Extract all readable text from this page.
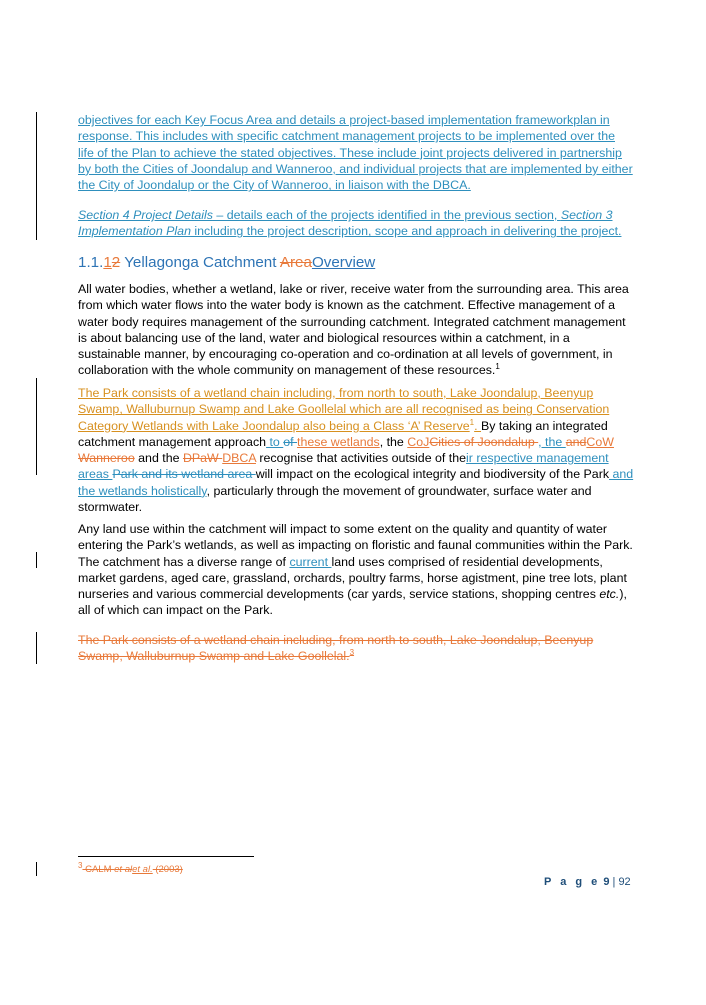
objectives for each Key Focus Area and details a project-based implementation frameworkplan in response. This includes with specific catchment management projects to be implemented over the life of the Plan to achieve the stated objectives. These include joint projects delivered in partnership by both the Cities of Joondalup and Wanneroo, and individual projects that are implemented by either the City of Joondalup or the City of Wanneroo, in liaison with the DBCA.
Section 4 Project Details – details each of the projects identified in the previous section, Section 3 Implementation Plan including the project description, scope and approach in delivering the project.
1.1.12 Yellagonga Catchment AreaOverview
All water bodies, whether a wetland, lake or river, receive water from the surrounding area. This area from which water flows into the water body is known as the catchment. Effective management of a water body requires management of the surrounding catchment. Integrated catchment management is about balancing use of the land, water and biological resources within a catchment, in a sustainable manner, by encouraging co-operation and co-ordination at all levels of government, in collaboration with the whole community on management of these resources.$^1$
The Park consists of a wetland chain including, from north to south, Lake Joondalup, Beenyup Swamp, Walluburnup Swamp and Lake Goollelal which are all recognised as being Conservation Category Wetlands with Lake Joondalup also being a Class ‘A’ Reserve$^1$. By taking an integrated catchment management approach to of these wetlands, the CoJCities of Joondalup , the andCoW Wanneroo and the DPaW DBCA recognise that activities outside of their respective management areas Park and its wetland area will impact on the ecological integrity and biodiversity of the Park and the wetlands holistically, particularly through the movement of groundwater, surface water and stormwater.
Any land use within the catchment will impact to some extent on the quality and quantity of water entering the Park’s wetlands, as well as impacting on floristic and faunal communities within the Park. The catchment has a diverse range of current land uses comprised of residential developments, market gardens, aged care, grassland, orchards, poultry farms, horse agistment, pine tree lots, plant nurseries and various commercial developments (car yards, service stations, shopping centres etc.), all of which can impact on the Park.
The Park consists of a wetland chain including, from north to south, Lake Joondalup, Beenyup Swamp, Walluburnup Swamp and Lake Goollelal.$^3$
$^3$ CALM et alet al. (2003)
P a g e 9 | 92
